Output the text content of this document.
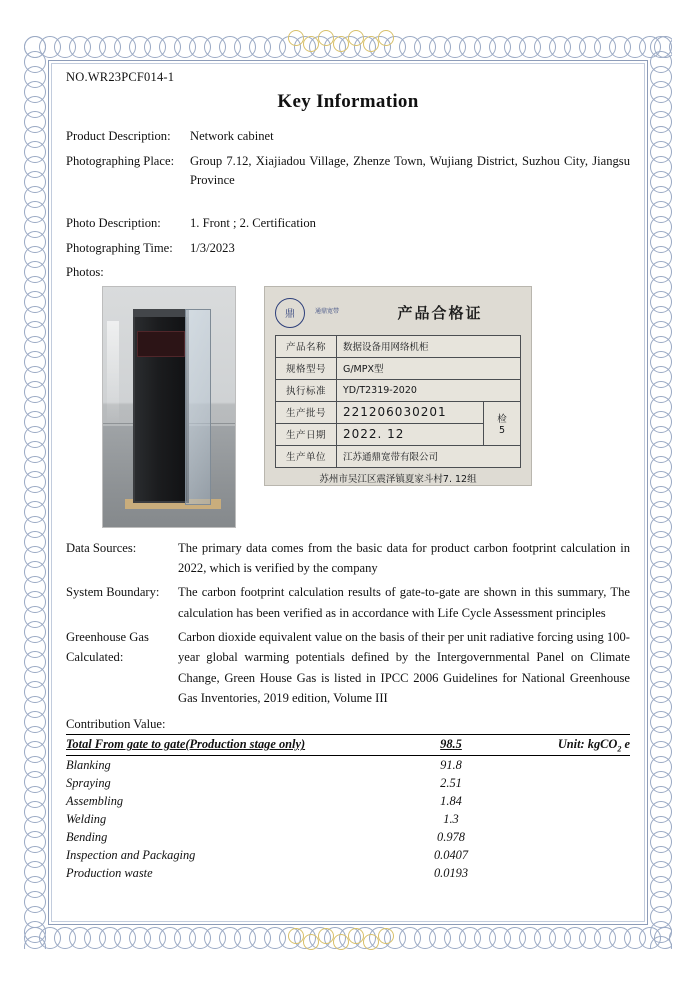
NO.WR23PCF014-1
Key Information
Product Description:	Network cabinet
Photographing Place:	Group 7.12, Xiajiadou Village, Zhenze Town, Wujiang District, Suzhou City, Jiangsu Province
Photo Description:	1. Front ; 2. Certification
Photographing Time:	1/3/2023
Photos:
鼎	通鼎宽带	产品合格证
产品名称	数据设备用网络机柜	
规格型号	G/MPX型	
执行标准	YD/T2319-2020	
生产批号	221206030201	检
5
生产日期	2022. 12	
生产单位	江苏通鼎宽带有限公司	
苏州市吴江区震泽镇夏家斗村7. 12组
Data Sources:	The primary data comes from the basic data for product carbon footprint calculation in 2022, which is verified by the company
System Boundary:	The carbon footprint calculation results of gate-to-gate are shown in this summary, The calculation has been verified as in accordance with Life Cycle Assessment principles
Greenhouse Gas Calculated:
Carbon dioxide equivalent value on the basis of their per unit radiative forcing using 100-year global warming potentials defined by the Intergovernmental Panel on Climate Change, Green House Gas is listed in IPCC 2006 Guidelines for National Greenhouse Gas Inventories, 2019 edition, Volume III
Contribution Value:
Total From gate to gate(Production stage only)	98.5	Unit: kgCO$_2$ e
Blanking	91.8	
Spraying	2.51	
Assembling	1.84	
Welding	1.3	
Bending	0.978	
Inspection and Packaging	0.0407	
Production waste	0.0193	
